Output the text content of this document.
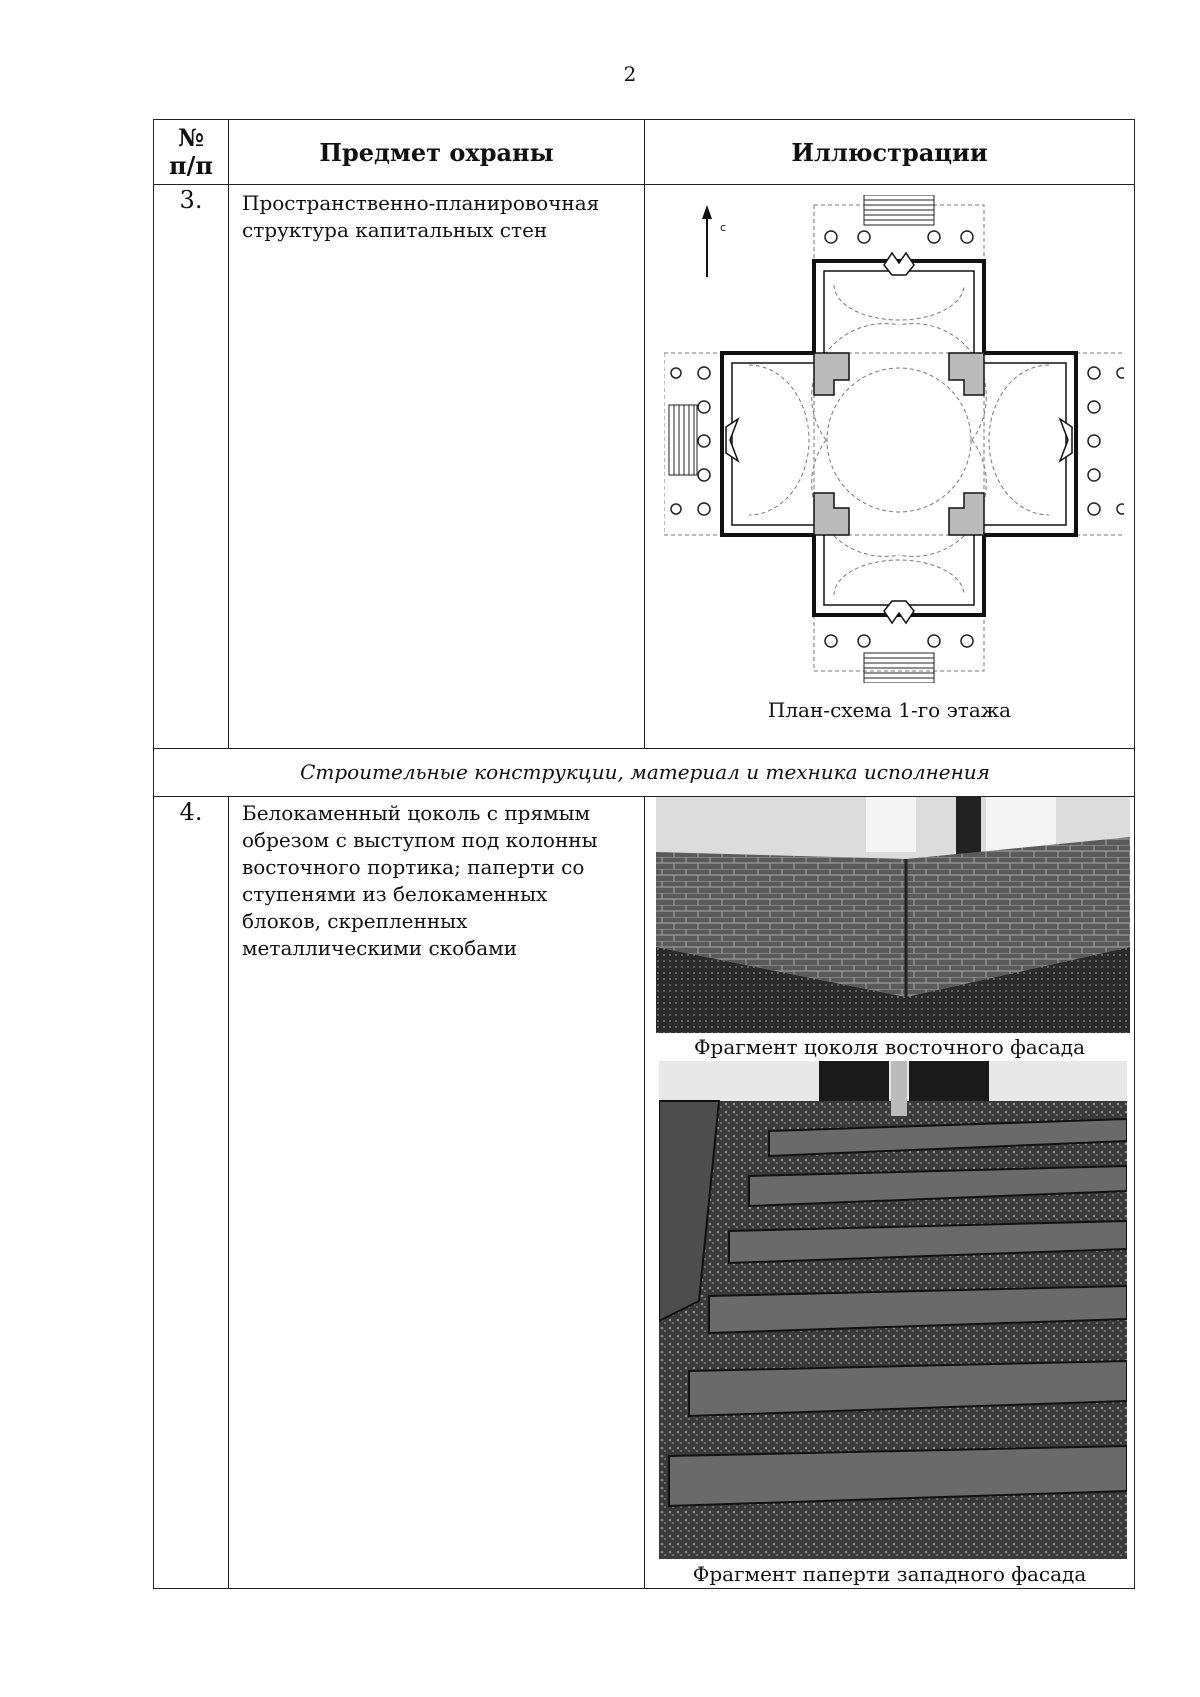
2
№
п/п	Предмет охраны	Иллюстрации
3.	Пространственно-планировочная структура капитальных стен	с
План-схема 1-го этажа
Строительные конструкции, материал и техника исполнения
4.	Белокаменный цоколь с прямым обрезом с выступом под колонны восточного портика; паперти со ступенями из белокаменных блоков, скрепленных металлическими скобами
Фрагмент цоколя восточного фасада
Фрагмент паперти западного фасада
